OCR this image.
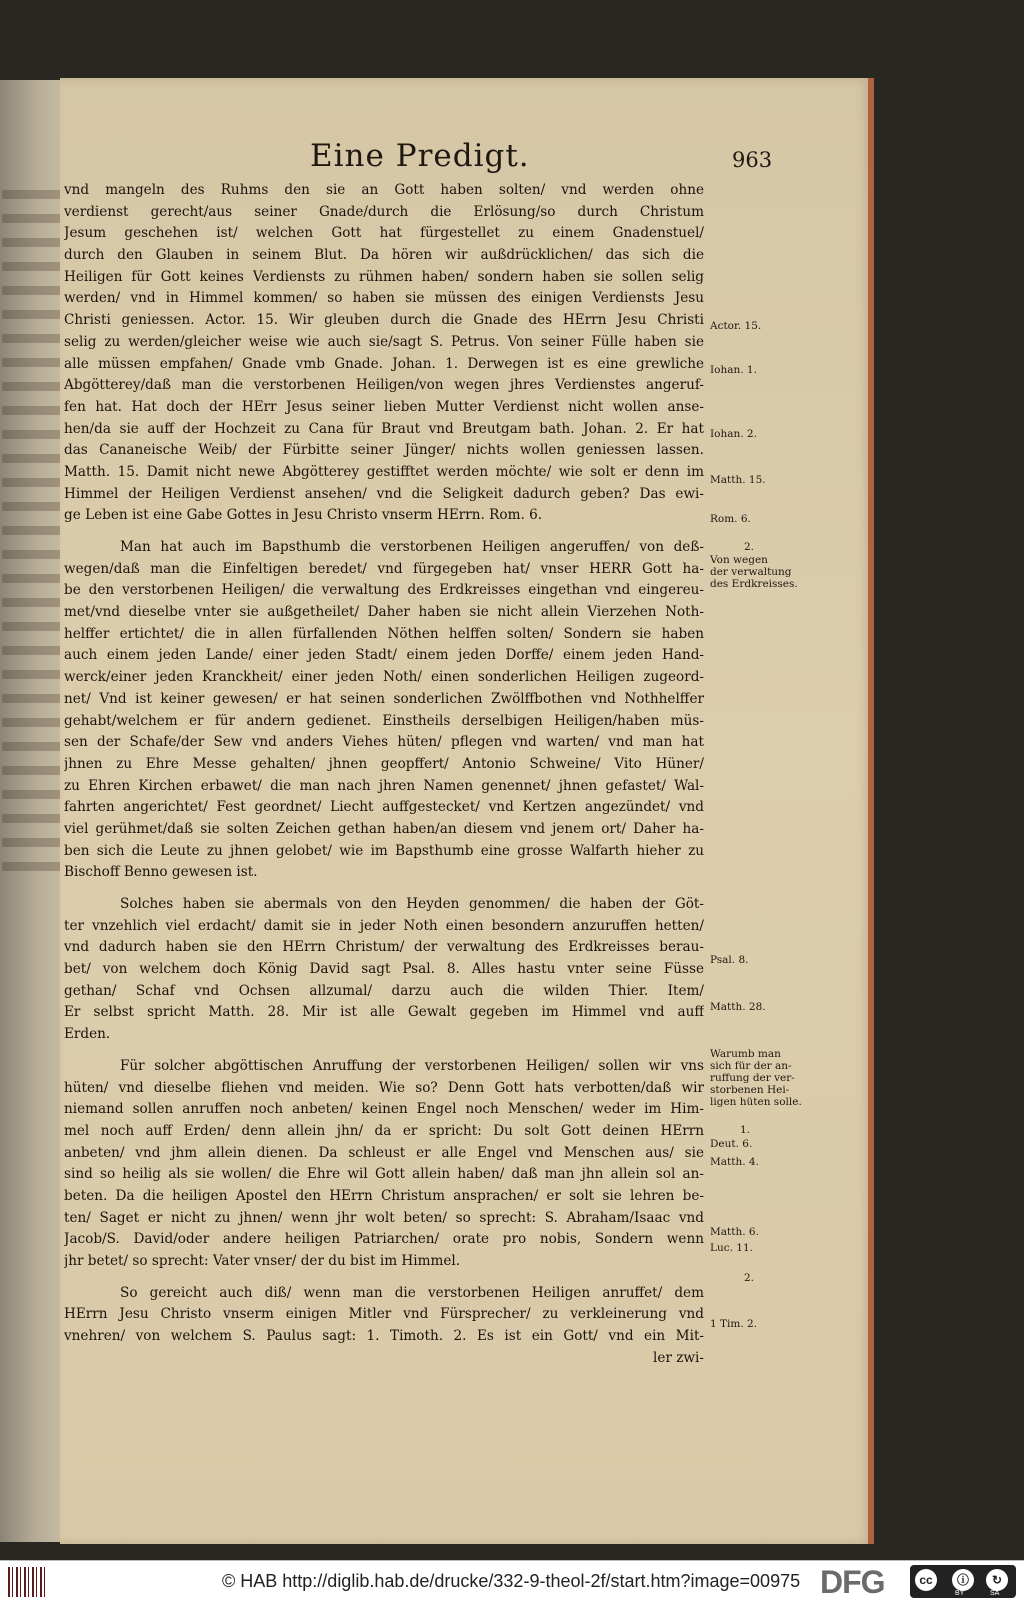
Eine Predigt.	963
vnd mangeln des Ruhms den sie an Gott haben solten/ vnd werden ohne
verdienst gerecht/aus seiner Gnade/durch die Erlösung/so durch Christum
Jesum geschehen ist/ welchen Gott hat fürgestellet zu einem Gnadenstuel/
durch den Glauben in seinem Blut. Da hören wir außdrücklichen/ das sich die
Heiligen für Gott keines Verdiensts zu rühmen haben/ sondern haben sie sollen selig
werden/ vnd in Himmel kommen/ so haben sie müssen des einigen Verdiensts Jesu
Christi geniessen. Actor. 15. Wir gleuben durch die Gnade des HErrn Jesu Christi
selig zu werden/gleicher weise wie auch sie/sagt S. Petrus. Von seiner Fülle haben sie
alle müssen empfahen/ Gnade vmb Gnade. Johan. 1. Derwegen ist es eine grewliche
Abgötterey/daß man die verstorbenen Heiligen/von wegen jhres Verdienstes angeruf-
fen hat. Hat doch der HErr Jesus seiner lieben Mutter Verdienst nicht wollen anse-
hen/da sie auff der Hochzeit zu Cana für Braut vnd Breutgam bath. Johan. 2. Er hat
das Cananeische Weib/ der Fürbitte seiner Jünger/ nichts wollen geniessen lassen.
Matth. 15. Damit nicht newe Abgötterey gestifftet werden möchte/ wie solt er denn im
Himmel der Heiligen Verdienst ansehen/ vnd die Seligkeit dadurch geben? Das ewi-
ge Leben ist eine Gabe Gottes in Jesu Christo vnserm HErrn. Rom. 6.
Man hat auch im Bapsthumb die verstorbenen Heiligen angeruffen/ von deß-
wegen/daß man die Einfeltigen beredet/ vnd fürgegeben hat/ vnser HERR Gott ha-
be den verstorbenen Heiligen/ die verwaltung des Erdkreisses eingethan vnd eingereu-
met/vnd dieselbe vnter sie außgetheilet/ Daher haben sie nicht allein Vierzehen Noth-
helffer ertichtet/ die in allen fürfallenden Nöthen helffen solten/ Sondern sie haben
auch einem jeden Lande/ einer jeden Stadt/ einem jeden Dorffe/ einem jeden Hand-
werck/einer jeden Kranckheit/ einer jeden Noth/ einen sonderlichen Heiligen zugeord-
net/ Vnd ist keiner gewesen/ er hat seinen sonderlichen Zwölffbothen vnd Nothhelffer
gehabt/welchem er für andern gedienet. Einstheils derselbigen Heiligen/haben müs-
sen der Schafe/der Sew vnd anders Viehes hüten/ pflegen vnd warten/ vnd man hat
jhnen zu Ehre Messe gehalten/ jhnen geopffert/ Antonio Schweine/ Vito Hüner/
zu Ehren Kirchen erbawet/ die man nach jhren Namen genennet/ jhnen gefastet/ Wal-
fahrten angerichtet/ Fest geordnet/ Liecht auffgestecket/ vnd Kertzen angezündet/ vnd
viel gerühmet/daß sie solten Zeichen gethan haben/an diesem vnd jenem ort/ Daher ha-
ben sich die Leute zu jhnen gelobet/ wie im Bapsthumb eine grosse Walfarth hieher zu
Bischoff Benno gewesen ist.
Solches haben sie abermals von den Heyden genommen/ die haben der Göt-
ter vnzehlich viel erdacht/ damit sie in jeder Noth einen besondern anzuruffen hetten/
vnd dadurch haben sie den HErrn Christum/ der verwaltung des Erdkreisses berau-
bet/ von welchem doch König David sagt Psal. 8. Alles hastu vnter seine Füsse
gethan/ Schaf vnd Ochsen allzumal/ darzu auch die wilden Thier. Item/
Er selbst spricht Matth. 28. Mir ist alle Gewalt gegeben im Himmel vnd auff
Erden.
Für solcher abgöttischen Anruffung der verstorbenen Heiligen/ sollen wir vns
hüten/ vnd dieselbe fliehen vnd meiden. Wie so? Denn Gott hats verbotten/daß wir
niemand sollen anruffen noch anbeten/ keinen Engel noch Menschen/ weder im Him-
mel noch auff Erden/ denn allein jhn/ da er spricht: Du solt Gott deinen HErrn
anbeten/ vnd jhm allein dienen. Da schleust er alle Engel vnd Menschen aus/ sie
sind so heilig als sie wollen/ die Ehre wil Gott allein haben/ daß man jhn allein sol an-
beten. Da die heiligen Apostel den HErrn Christum ansprachen/ er solt sie lehren be-
ten/ Saget er nicht zu jhnen/ wenn jhr wolt beten/ so sprecht: S. Abraham/Isaac vnd
Jacob/S. David/oder andere heiligen Patriarchen/ orate pro nobis, Sondern wenn
jhr betet/ so sprecht: Vater vnser/ der du bist im Himmel.
So gereicht auch diß/ wenn man die verstorbenen Heiligen anruffet/ dem
HErrn Jesu Christo vnserm einigen Mitler vnd Fürsprecher/ zu verkleinerung vnd
vnehren/ von welchem S. Paulus sagt: 1. Timoth. 2. Es ist ein Gott/ vnd ein Mit-
ler zwi-
Actor. 15.
Iohan. 1.
Iohan. 2.
Matth. 15.
Rom. 6.
2.
Von wegen
der verwaltung
des Erdkreisses.
Psal. 8.
Matth. 28.
Warumb man
sich für der an-
ruffung der ver-
storbenen Hei-
ligen hüten solle.
1.
Deut. 6.
Matth. 4.
Matth. 6.
Luc. 11.
2.
1 Tim. 2.
© HAB http://diglib.hab.de/drucke/332-9-theol-2f/start.htm?image=00975 DFG	cc	ⓘ	↻
BY	SA
